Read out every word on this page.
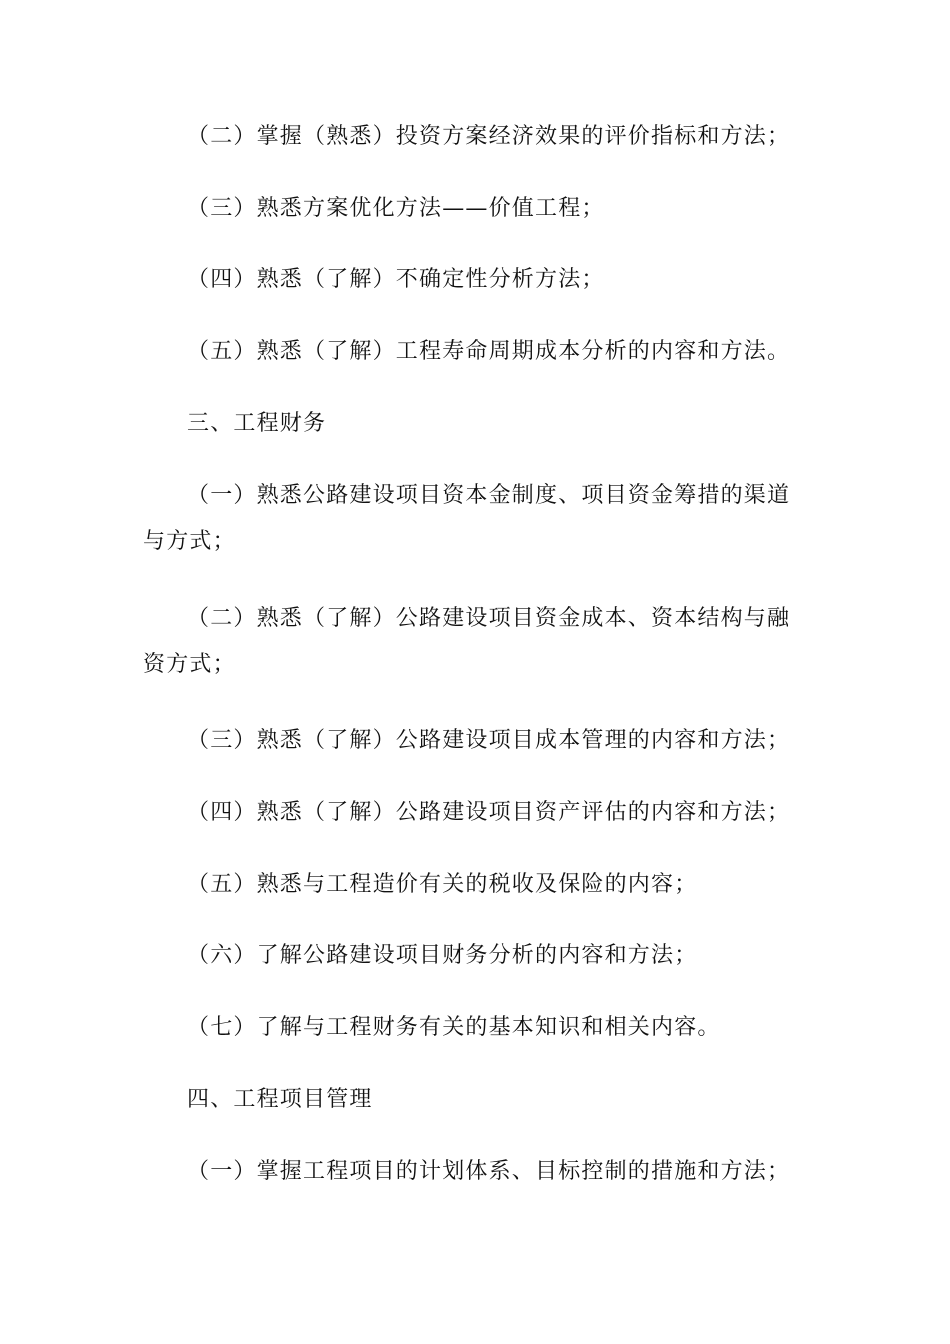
（二）掌握（熟悉）投资方案经济效果的评价指标和方法；

（三）熟悉方案优化方法——价值工程；

（四）熟悉（了解）不确定性分析方法；

（五）熟悉（了解）工程寿命周期成本分析的内容和方法。

三、工程财务

（一）熟悉公路建设项目资本金制度、项目资金筹措的渠道与方式；

（二）熟悉（了解）公路建设项目资金成本、资本结构与融资方式；

（三）熟悉（了解）公路建设项目成本管理的内容和方法；

（四）熟悉（了解）公路建设项目资产评估的内容和方法；

（五）熟悉与工程造价有关的税收及保险的内容；

（六）了解公路建设项目财务分析的内容和方法；

（七）了解与工程财务有关的基本知识和相关内容。

四、工程项目管理

（一）掌握工程项目的计划体系、目标控制的措施和方法；
